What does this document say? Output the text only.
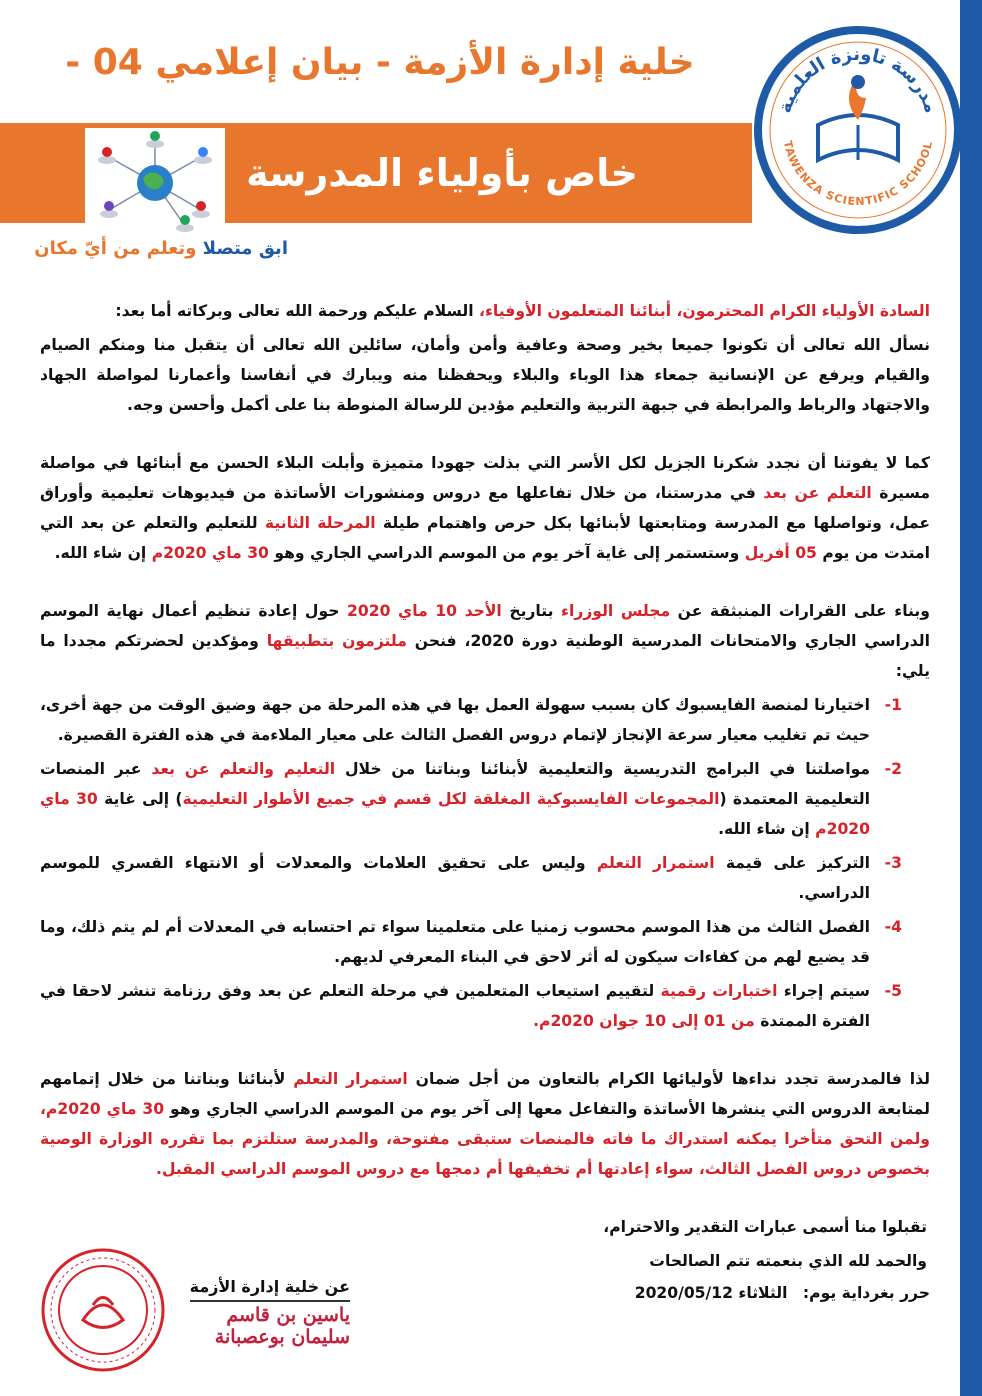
خلية إدارة الأزمة - بيان إعلامي 04 -
خاص بأولياء المدرسة
ابق متصلا وتعلم من أيّ مكان
مدرسة تاونزة العلمية
TAWENZA SCIENTIFIC SCHOOL

السادة الأولياء الكرام المحترمون، أبنائنا المتعلمون الأوفياء، السلام عليكم ورحمة الله تعالى وبركاته أما بعد:

نسأل الله تعالى أن تكونوا جميعا بخير وصحة وعافية وأمن وأمان، سائلين الله تعالى أن يتقبل منا ومنكم الصيام والقيام ويرفع عن الإنسانية جمعاء هذا الوباء والبلاء ويحفظنا منه ويبارك في أنفاسنا وأعمارنا لمواصلة الجهاد والاجتهاد والرباط والمرابطة في جبهة التربية والتعليم مؤدين للرسالة المنوطة بنا على أكمل وأحسن وجه.

كما لا يفوتنا أن نجدد شكرنا الجزيل لكل الأسر التي بذلت جهودا متميزة وأبلت البلاء الحسن مع أبنائها في مواصلة مسيرة التعلم عن بعد في مدرستنا، من خلال تفاعلها مع دروس ومنشورات الأساتذة من فيديوهات تعليمية وأوراق عمل، وتواصلها مع المدرسة ومتابعتها لأبنائها بكل حرص واهتمام طيلة المرحلة الثانية للتعليم والتعلم عن بعد التي امتدت من يوم 05 أفريل وستستمر إلى غاية آخر يوم من الموسم الدراسي الجاري وهو 30 ماي 2020م إن شاء الله.

وبناء على القرارات المنبثقة عن مجلس الوزراء بتاريخ الأحد 10 ماي 2020 حول إعادة تنظيم أعمال نهاية الموسم الدراسي الجاري والامتحانات المدرسية الوطنية دورة 2020، فنحن ملتزمون بتطبيقها ومؤكدين لحضرتكم مجددا ما يلي:

1-
اختيارنا لمنصة الفايسبوك كان بسبب سهولة العمل بها في هذه المرحلة من جهة وضيق الوقت من جهة أخرى، حيث تم تغليب معيار سرعة الإنجاز لإتمام دروس الفصل الثالث على معيار الملاءمة في هذه الفترة القصيرة.

2-
مواصلتنا في البرامج التدريسية والتعليمية لأبنائنا وبناتنا من خلال التعليم والتعلم عن بعد عبر المنصات التعليمية المعتمدة (المجموعات الفايسبوكية المغلقة لكل قسم في جميع الأطوار التعليمية) إلى غاية 30 ماي 2020م إن شاء الله.

3-
التركيز على قيمة استمرار التعلم وليس على تحقيق العلامات والمعدلات أو الانتهاء القسري للموسم الدراسي.

4-
الفصل الثالث من هذا الموسم محسوب زمنيا على متعلمينا سواء تم احتسابه في المعدلات أم لم يتم ذلك، وما قد يضيع لهم من كفاءات سيكون له أثر لاحق في البناء المعرفي لديهم.

5-
سيتم إجراء اختبارات رقمية لتقييم استيعاب المتعلمين في مرحلة التعلم عن بعد وفق رزنامة تنشر لاحقا في الفترة الممتدة من 01 إلى 10 جوان 2020م.

لذا فالمدرسة تجدد نداءها لأوليائها الكرام بالتعاون من أجل ضمان استمرار التعلم لأبنائنا وبناتنا من خلال إتمامهم لمتابعة الدروس التي ينشرها الأساتذة والتفاعل معها إلى آخر يوم من الموسم الدراسي الجاري وهو 30 ماي 2020م، ولمن التحق متأخرا يمكنه استدراك ما فاته فالمنصات ستبقى مفتوحة، والمدرسة ستلتزم بما تقرره الوزارة الوصية بخصوص دروس الفصل الثالث، سواء إعادتها أم تخفيفها أم دمجها مع دروس الموسم الدراسي المقبل.

تقبلوا منا أسمى عبارات التقدير والاحترام،
والحمد لله الذي بنعمته تتم الصالحات
حرر بغرداية يوم: الثلاثاء 2020/05/12
عن خلية إدارة الأزمة
ياسين بن قاسم
سليمان بوعصبانة
